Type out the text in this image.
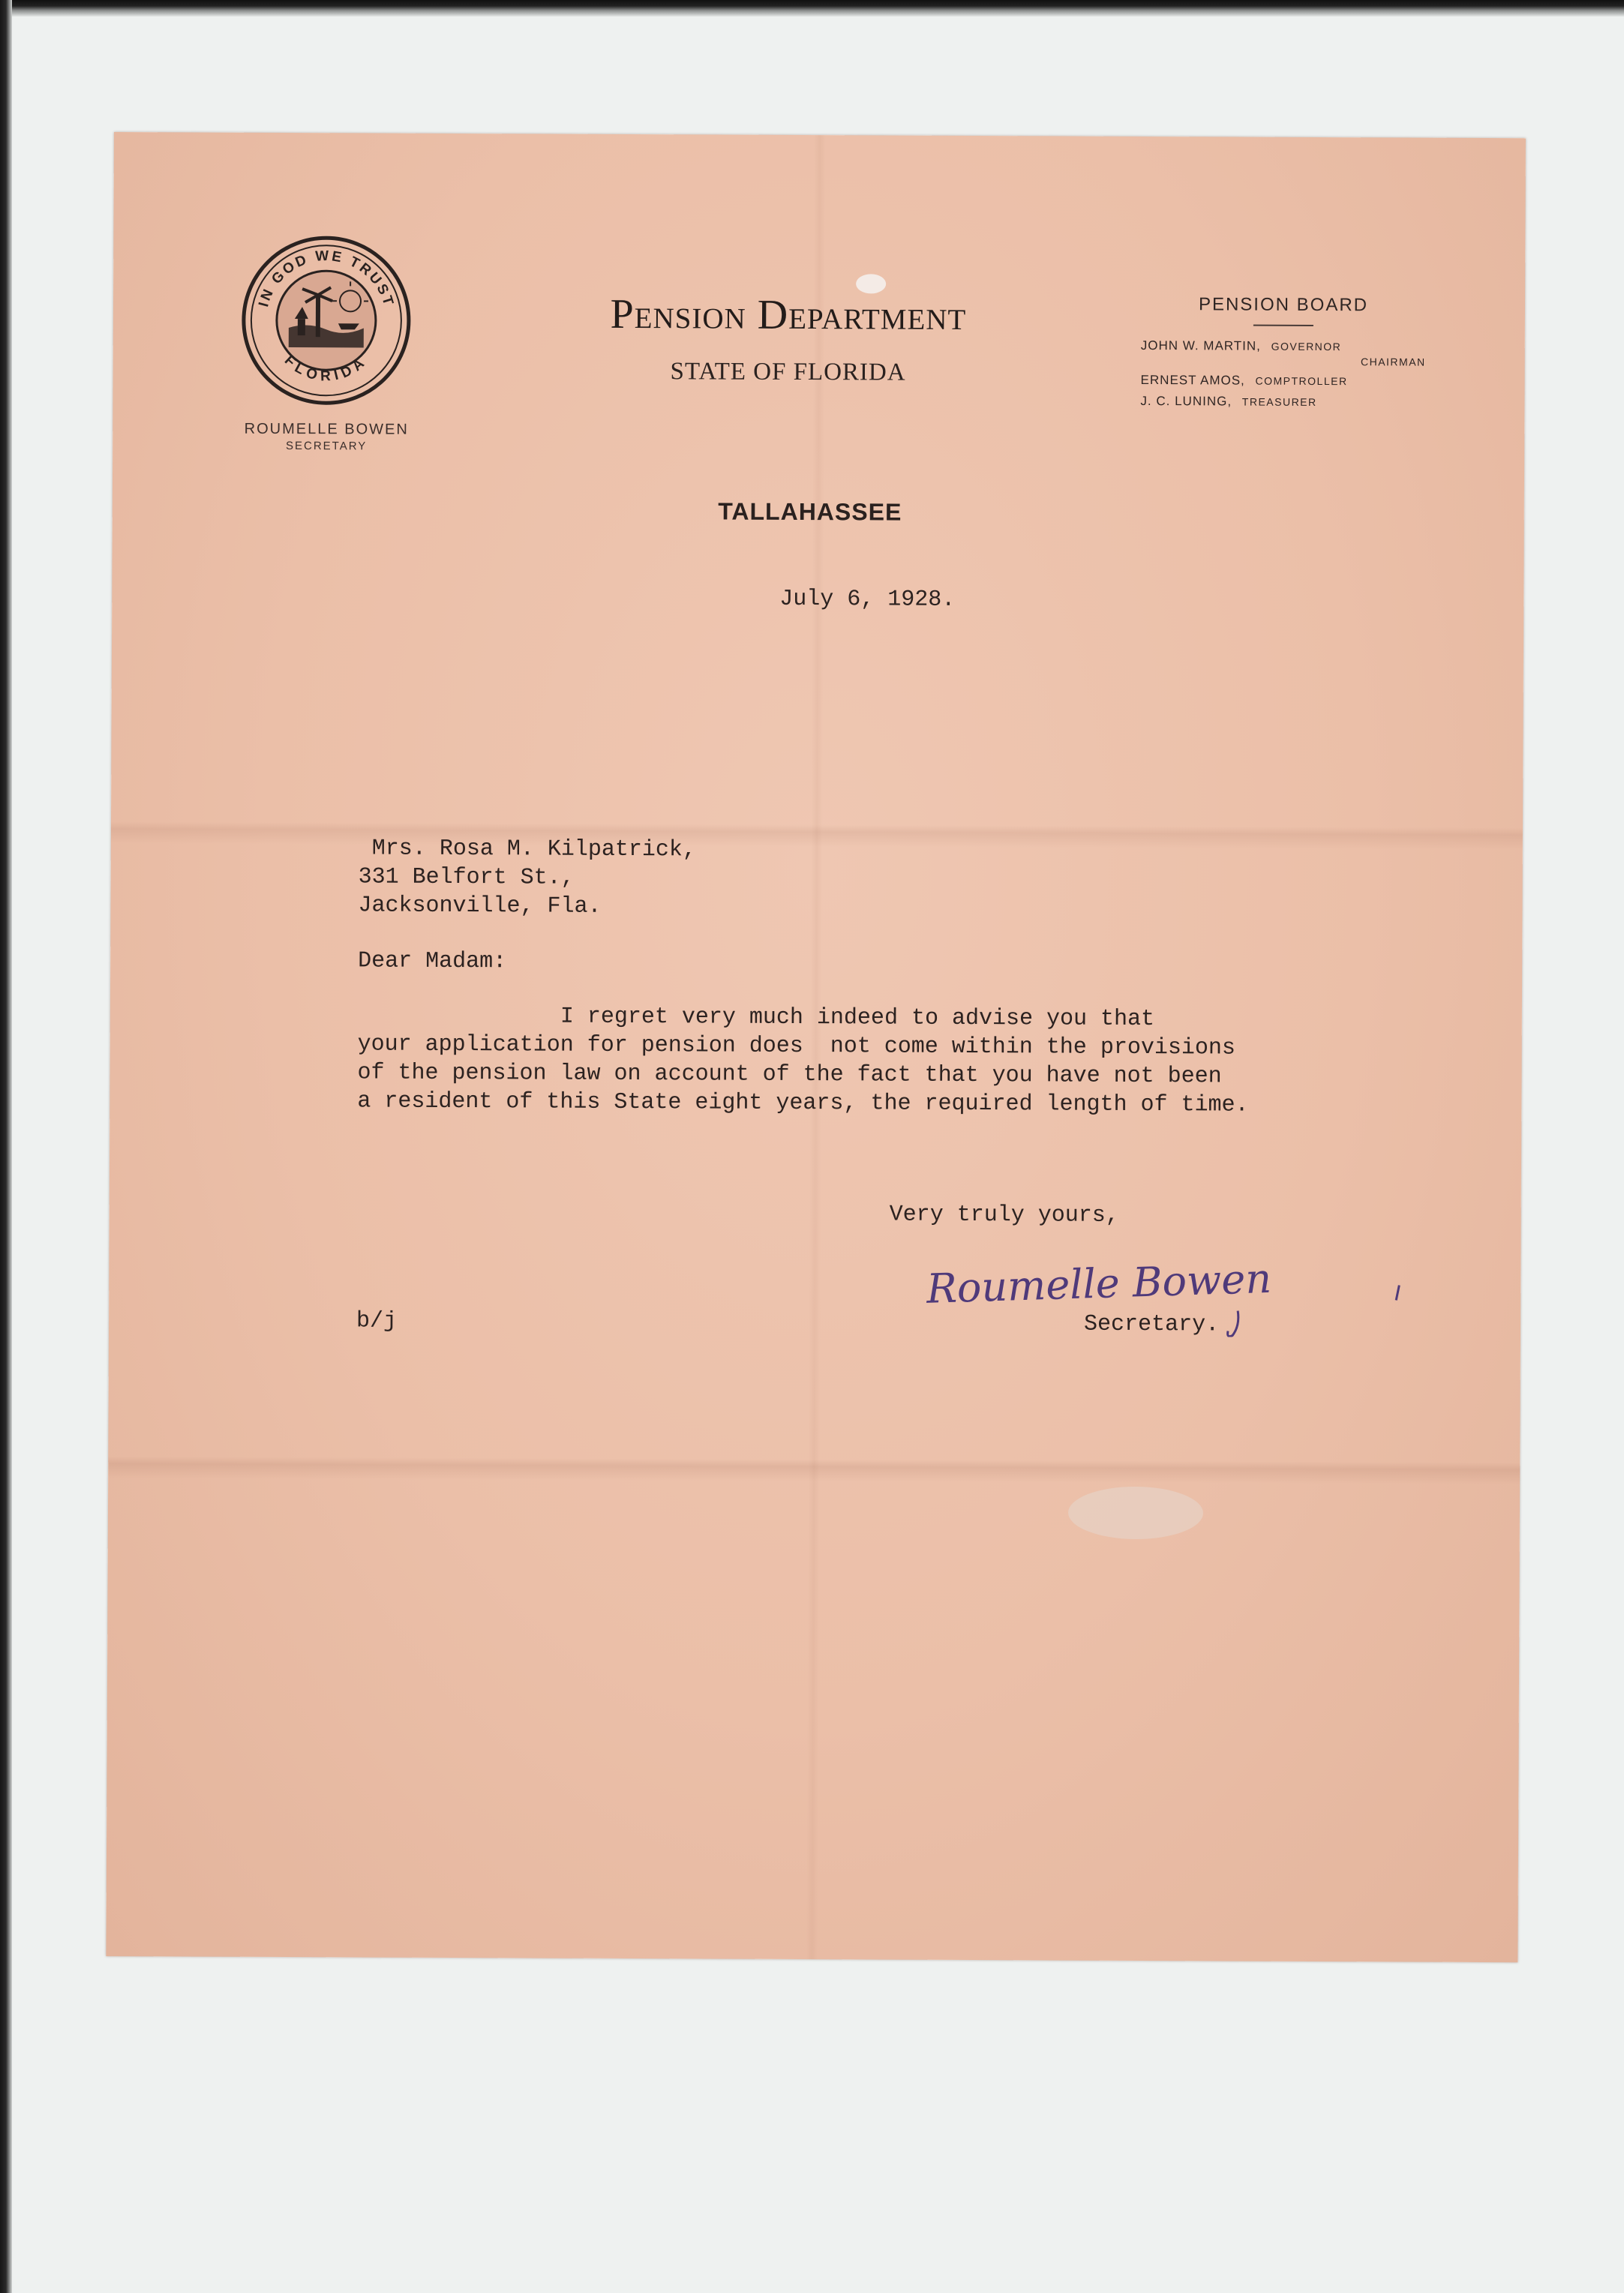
IN GOD WE TRUST
FLORIDA
ROUMELLE BOWEN
SECRETARY
Pension Department
STATE OF FLORIDA
PENSION BOARD
JOHN W. MARTIN, GOVERNOR
CHAIRMAN
ERNEST AMOS, COMPTROLLER
J. C. LUNING, TREASURER
TALLAHASSEE
July 6, 1928.
Mrs. Rosa M. Kilpatrick,
331 Belfort St.,
Jacksonville, Fla.
Dear Madam:
I regret very much indeed to advise you that
your application for pension does  not come within the provisions
of the pension law on account of the fact that you have not been
a resident of this State eight years, the required length of time.
Very truly yours,
Roumelle Bowen
b/j	Secretary.
